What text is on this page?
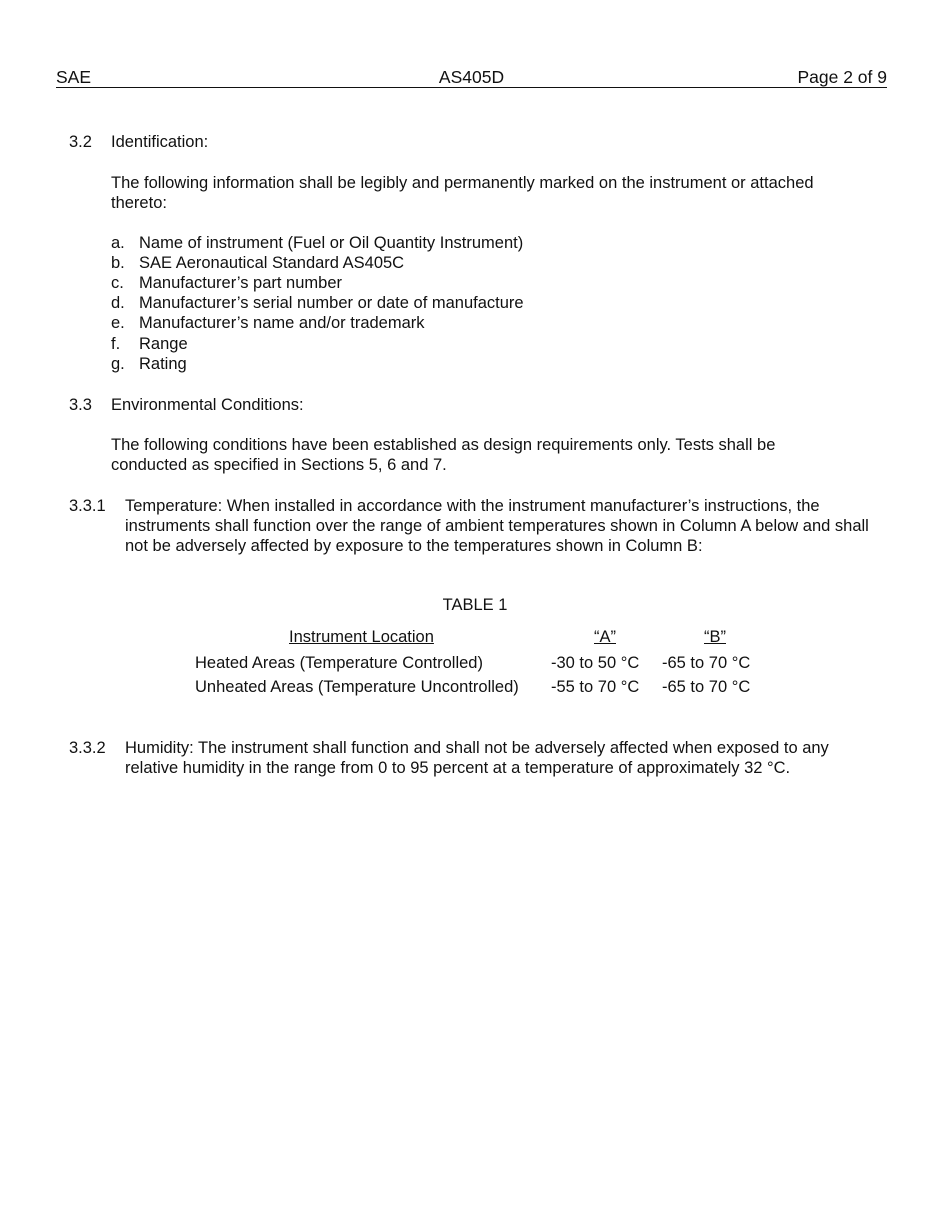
SAE	AS405D	Page 2 of 9
3.2 Identification:
The following information shall be legibly and permanently marked on the instrument or attached thereto:
a. Name of instrument (Fuel or Oil Quantity Instrument)
b. SAE Aeronautical Standard AS405C
c. Manufacturer’s part number
d. Manufacturer’s serial number or date of manufacture
e. Manufacturer’s name and/or trademark
f. Range
g. Rating
3.3 Environmental Conditions:
The following conditions have been established as design requirements only. Tests shall be conducted as specified in Sections 5, 6 and 7.
3.3.1 Temperature: When installed in accordance with the instrument manufacturer’s instructions, the instruments shall function over the range of ambient temperatures shown in Column A below and shall not be adversely affected by exposure to the temperatures shown in Column B:
TABLE 1
Instrument Location	“A”	“B”
Heated Areas (Temperature Controlled)	-30 to 50 °C -65 to 70 °C
Unheated Areas (Temperature Uncontrolled) -55 to 70 °C -65 to 70 °C
3.3.2 Humidity: The instrument shall function and shall not be adversely affected when exposed to any relative humidity in the range from 0 to 95 percent at a temperature of approximately 32 °C.
